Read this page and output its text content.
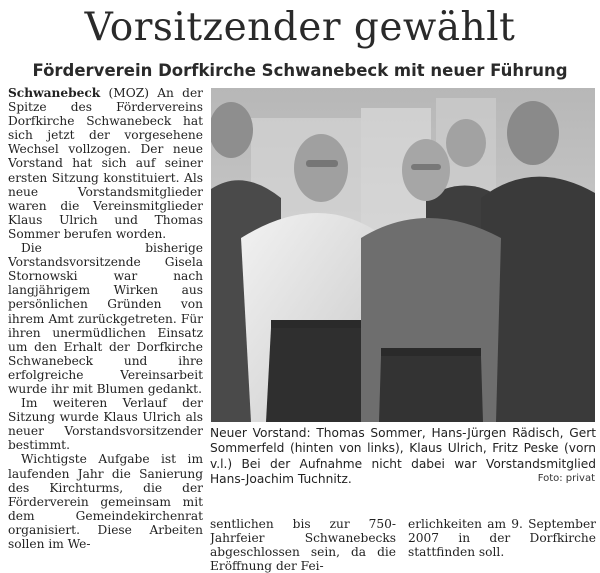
Vorsitzender gewählt
Förderverein Dorfkirche Schwanebeck mit neuer Führung

Schwanebeck (MOZ) An der Spitze des Fördervereins Dorfkirche Schwanebeck hat sich jetzt der vorgesehene Wechsel vollzogen. Der neue Vorstand hat sich auf seiner ersten Sitzung konstituiert. Als neue Vorstandsmitglieder waren die Vereinsmitglieder Klaus Ulrich und Thomas Sommer berufen worden.

Die bisherige Vorstandsvorsitzende Gisela Stornowski war nach langjährigem Wirken aus persönlichen Gründen von ihrem Amt zurückgetreten. Für ihren unermüdlichen Einsatz um den Erhalt der Dorfkirche Schwanebeck und ihre erfolgreiche Vereinsarbeit wurde ihr mit Blumen gedankt.

Im weiteren Verlauf der Sitzung wurde Klaus Ulrich als neuer Vorstandsvorsitzender bestimmt.

Wichtigste Aufgabe ist im laufenden Jahr die Sanierung des Kirchturms, die der Förderverein gemeinsam mit dem Gemeindekirchenrat organisiert. Diese Arbeiten sollen im We-

Neuer Vorstand: Thomas Sommer, Hans-Jürgen Rädisch, Gert Sommerfeld (hinten von links), Klaus Ulrich, Fritz Peske (vorn v.l.) Bei der Aufnahme nicht dabei war Vorstandsmitglied Hans-Joachim Tuchnitz.	Foto: privat

sentlichen bis zur 750-Jahrfeier Schwanebecks abgeschlossen sein, da die Eröffnung der Fei-

erlichkeiten am 9. September 2007 in der Dorfkirche stattfinden soll.
